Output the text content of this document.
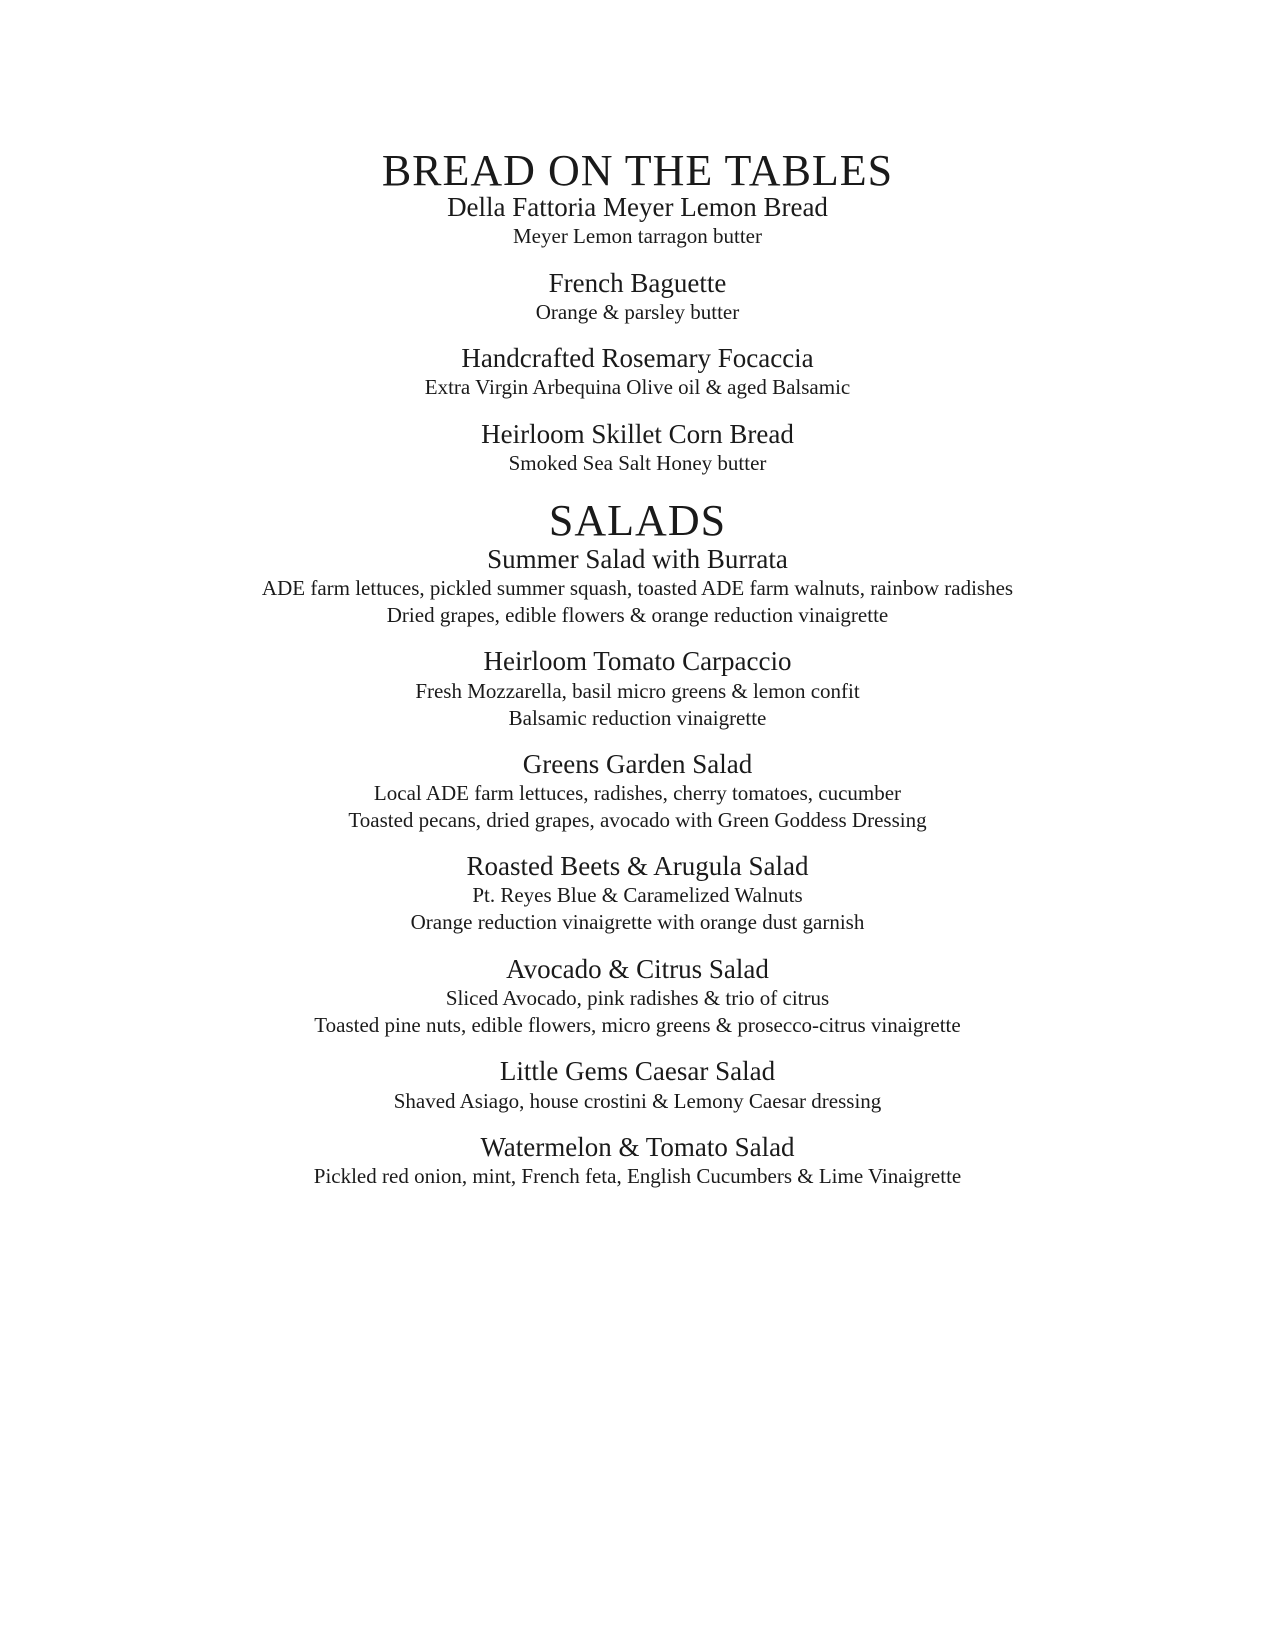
BREAD ON THE TABLES
Della Fattoria Meyer Lemon Bread
Meyer Lemon tarragon butter
French Baguette
Orange & parsley butter
Handcrafted Rosemary Focaccia
Extra Virgin Arbequina Olive oil & aged Balsamic
Heirloom Skillet Corn Bread
Smoked Sea Salt Honey butter
SALADS
Summer Salad with Burrata
ADE farm lettuces, pickled summer squash, toasted ADE farm walnuts, rainbow radishes
Dried grapes, edible flowers & orange reduction vinaigrette
Heirloom Tomato Carpaccio
Fresh Mozzarella, basil micro greens & lemon confit
Balsamic reduction vinaigrette
Greens Garden Salad
Local ADE farm lettuces, radishes, cherry tomatoes, cucumber
Toasted pecans, dried grapes, avocado with Green Goddess Dressing
Roasted Beets & Arugula Salad
Pt. Reyes Blue & Caramelized Walnuts
Orange reduction vinaigrette with orange dust garnish
Avocado & Citrus Salad
Sliced Avocado, pink radishes & trio of citrus
Toasted pine nuts, edible flowers, micro greens & prosecco-citrus vinaigrette
Little Gems Caesar Salad
Shaved Asiago, house crostini & Lemony Caesar dressing
Watermelon & Tomato Salad
Pickled red onion, mint, French feta, English Cucumbers & Lime Vinaigrette
